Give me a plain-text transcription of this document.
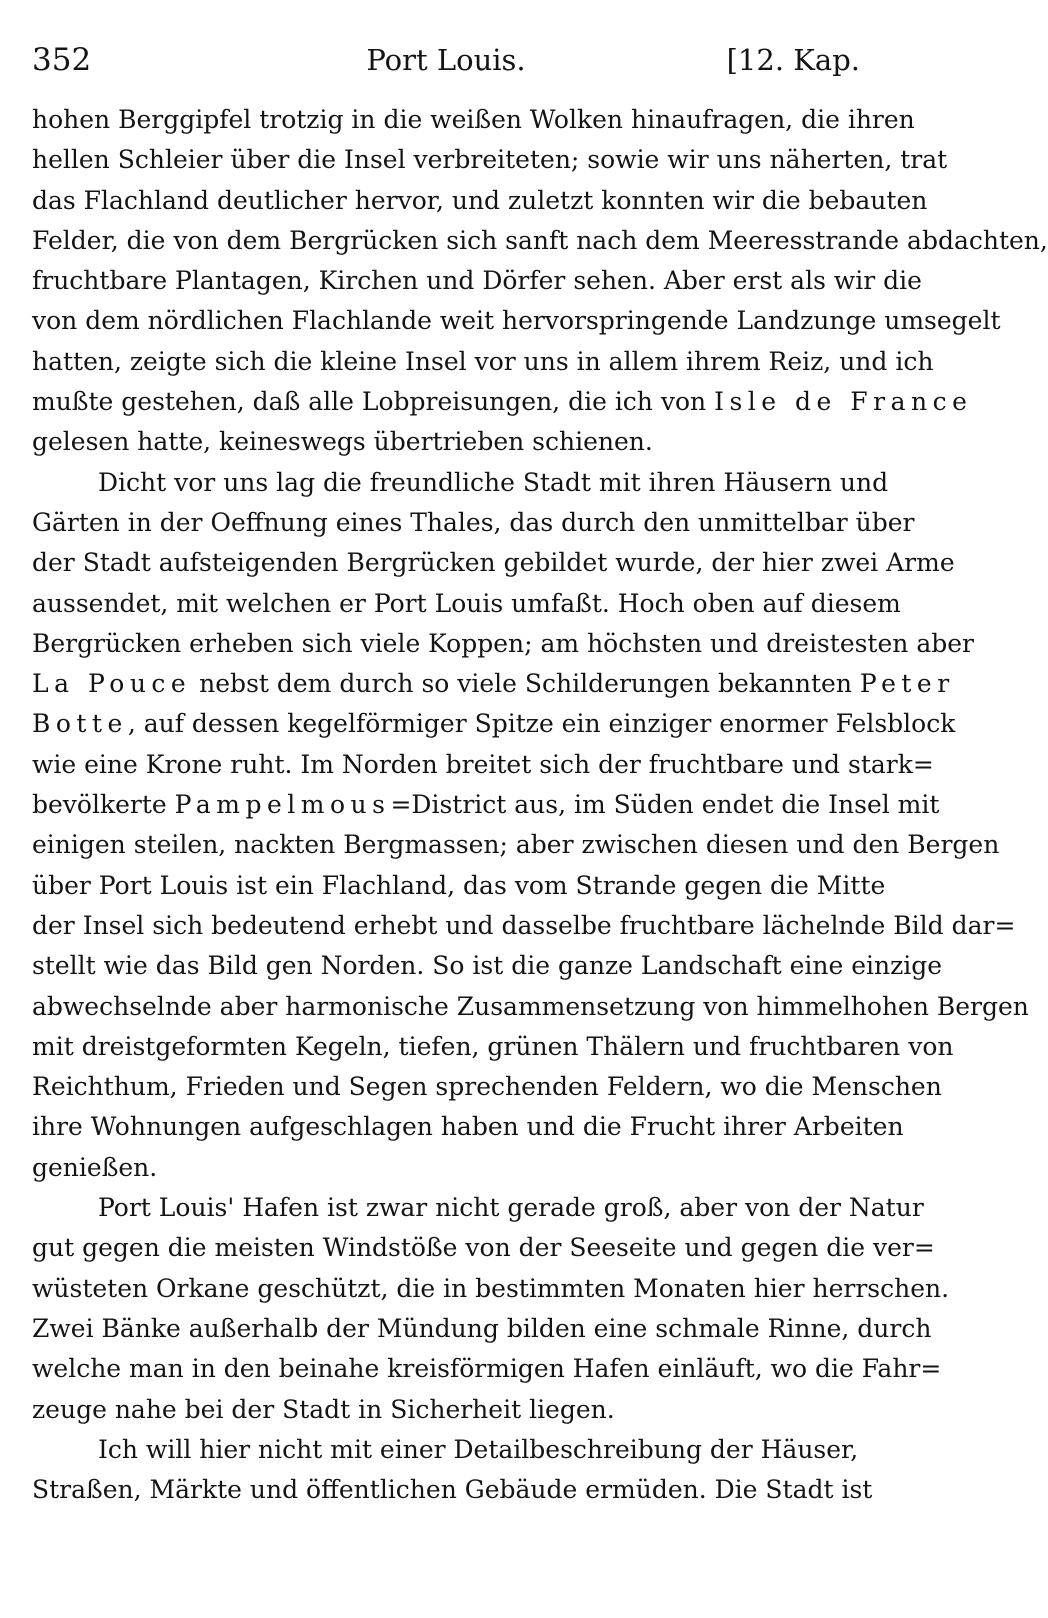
352	Port Louis.	[12. Kap.
hohen Berggipfel trotzig in die weißen Wolken hinaufragen, die ihren
hellen Schleier über die Insel verbreiteten; sowie wir uns näherten, trat
das Flachland deutlicher hervor, und zuletzt konnten wir die bebauten
Felder, die von dem Bergrücken sich sanft nach dem Meeresstrande abdachten,
fruchtbare Plantagen, Kirchen und Dörfer sehen. Aber erst als wir die
von dem nördlichen Flachlande weit hervorspringende Landzunge umsegelt
hatten, zeigte sich die kleine Insel vor uns in allem ihrem Reiz, und ich
mußte gestehen, daß alle Lobpreisungen, die ich von Isle de France
gelesen hatte, keineswegs übertrieben schienen.
Dicht vor uns lag die freundliche Stadt mit ihren Häusern und
Gärten in der Oeffnung eines Thales, das durch den unmittelbar über
der Stadt aufsteigenden Bergrücken gebildet wurde, der hier zwei Arme
aussendet, mit welchen er Port Louis umfaßt. Hoch oben auf diesem
Bergrücken erheben sich viele Koppen; am höchsten und dreistesten aber
La Pouce nebst dem durch so viele Schilderungen bekannten Peter
Botte, auf dessen kegelförmiger Spitze ein einziger enormer Felsblock
wie eine Krone ruht. Im Norden breitet sich der fruchtbare und stark=
bevölkerte Pampelmous=District aus, im Süden endet die Insel mit
einigen steilen, nackten Bergmassen; aber zwischen diesen und den Bergen
über Port Louis ist ein Flachland, das vom Strande gegen die Mitte
der Insel sich bedeutend erhebt und dasselbe fruchtbare lächelnde Bild dar=
stellt wie das Bild gen Norden. So ist die ganze Landschaft eine einzige
abwechselnde aber harmonische Zusammensetzung von himmelhohen Bergen
mit dreistgeformten Kegeln, tiefen, grünen Thälern und fruchtbaren von
Reichthum, Frieden und Segen sprechenden Feldern, wo die Menschen
ihre Wohnungen aufgeschlagen haben und die Frucht ihrer Arbeiten
genießen.
Port Louis' Hafen ist zwar nicht gerade groß, aber von der Natur
gut gegen die meisten Windstöße von der Seeseite und gegen die ver=
wüsteten Orkane geschützt, die in bestimmten Monaten hier herrschen.
Zwei Bänke außerhalb der Mündung bilden eine schmale Rinne, durch
welche man in den beinahe kreisförmigen Hafen einläuft, wo die Fahr=
zeuge nahe bei der Stadt in Sicherheit liegen.
Ich will hier nicht mit einer Detailbeschreibung der Häuser,
Straßen, Märkte und öffentlichen Gebäude ermüden. Die Stadt ist
